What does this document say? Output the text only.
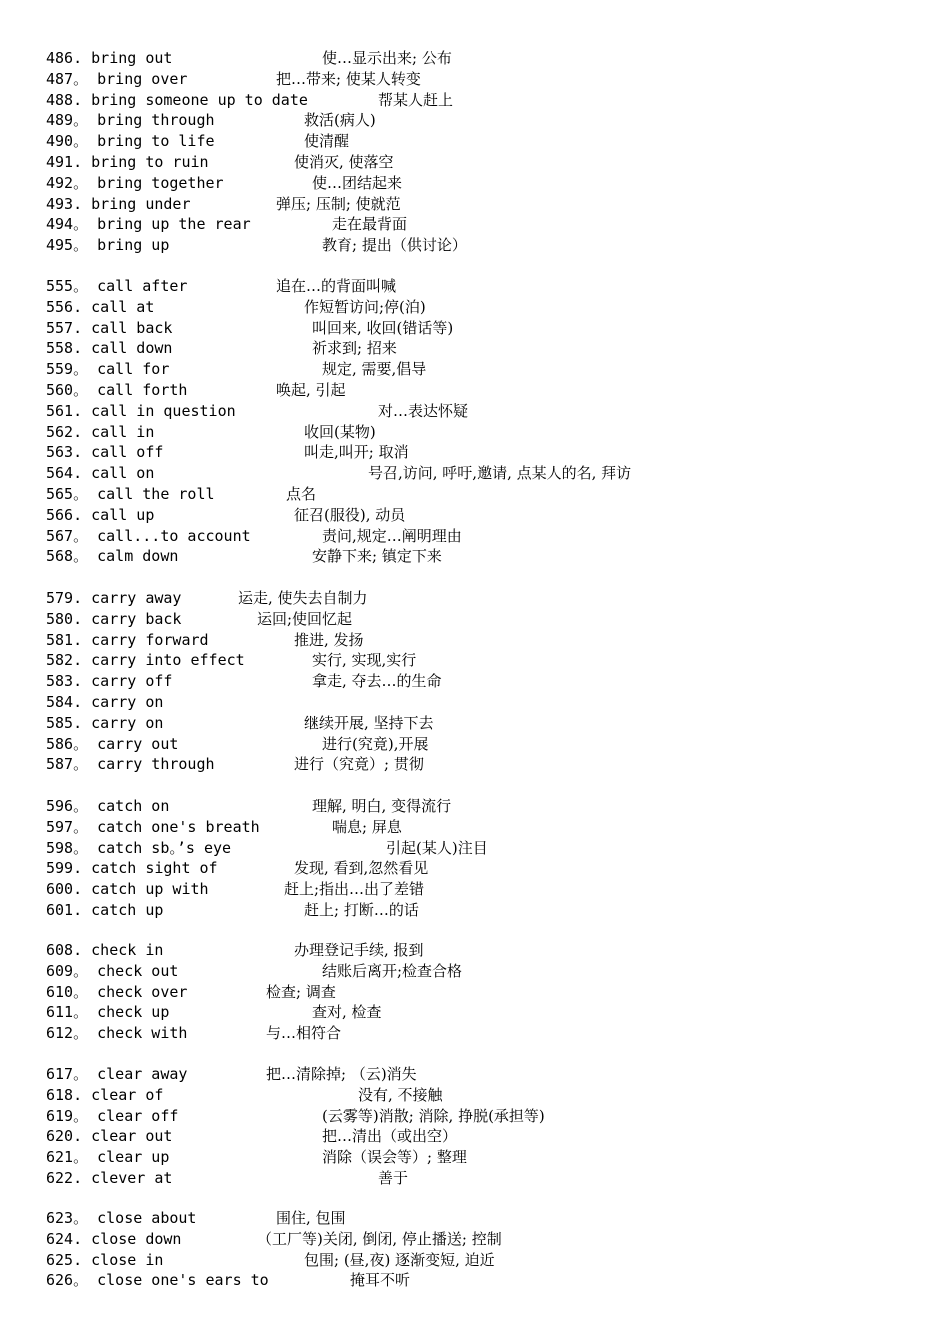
486. bring out	使…显示出来; 公布
487。 bring over	把…带来; 使某人转变
488. bring someone up to date	帮某人赶上
489。 bring through	救活(病人)
490。 bring to life	使清醒
491. bring to ruin	使消灭, 使落空
492。 bring together	使…团结起来
493. bring under	弹压; 压制; 使就范
494。 bring up the rear	走在最背面
495。 bring up	教育; 提出（供讨论）
555。 call after	追在…的背面叫喊
556. call at	作短暂访问;停(泊)
557. call back	叫回来, 收回(错话等)
558. call down	祈求到; 招来
559。 call for	规定, 需要,倡导
560。 call forth	唤起, 引起
561. call in question	对…表达怀疑
562. call in	收回(某物)
563. call off	叫走,叫开; 取消
564. call on	号召,访问, 呼吁,邀请, 点某人的名, 拜访
565。 call the roll	点名
566. call up	征召(服役), 动员
567。 call...to account	责问,规定…阐明理由
568。 calm down	安静下来; 镇定下来
579. carry away	运走, 使失去自制力
580. carry back	运回;使回忆起
581. carry forward	推进, 发扬
582. carry into effect	实行, 实现,实行
583. carry off	拿走, 夺去…的生命
584. carry on
585. carry on	继续开展, 坚持下去
586。 carry out	进行(究竟),开展
587。 carry through	进行（究竟）; 贯彻
596。 catch on	理解, 明白, 变得流行
597。 catch one's breath	喘息; 屏息
598。 catch sb。’s eye	引起(某人)注目
599. catch sight of	发现, 看到,忽然看见
600. catch up with	赶上;指出…出了差错
601. catch up	赶上; 打断…的话
608. check in	办理登记手续, 报到
609。 check out	结账后离开;检查合格
610。 check over	检查; 调查
611。 check up	查对, 检查
612。 check with	与…相符合
617。 clear away	把…清除掉; （云)消失
618. clear of	没有, 不接触
619。 clear off	(云雾等)消散; 消除, 挣脱(承担等)
620. clear out	把…清出（或出空）
621。 clear up	消除（误会等）; 整理
622. clever at	善于
623。 close about	围住, 包围
624. close down	（工厂等)关闭, 倒闭, 停止播送; 控制
625. close in	包围; (昼,夜) 逐渐变短, 迫近
626。 close one's ears to	掩耳不听
